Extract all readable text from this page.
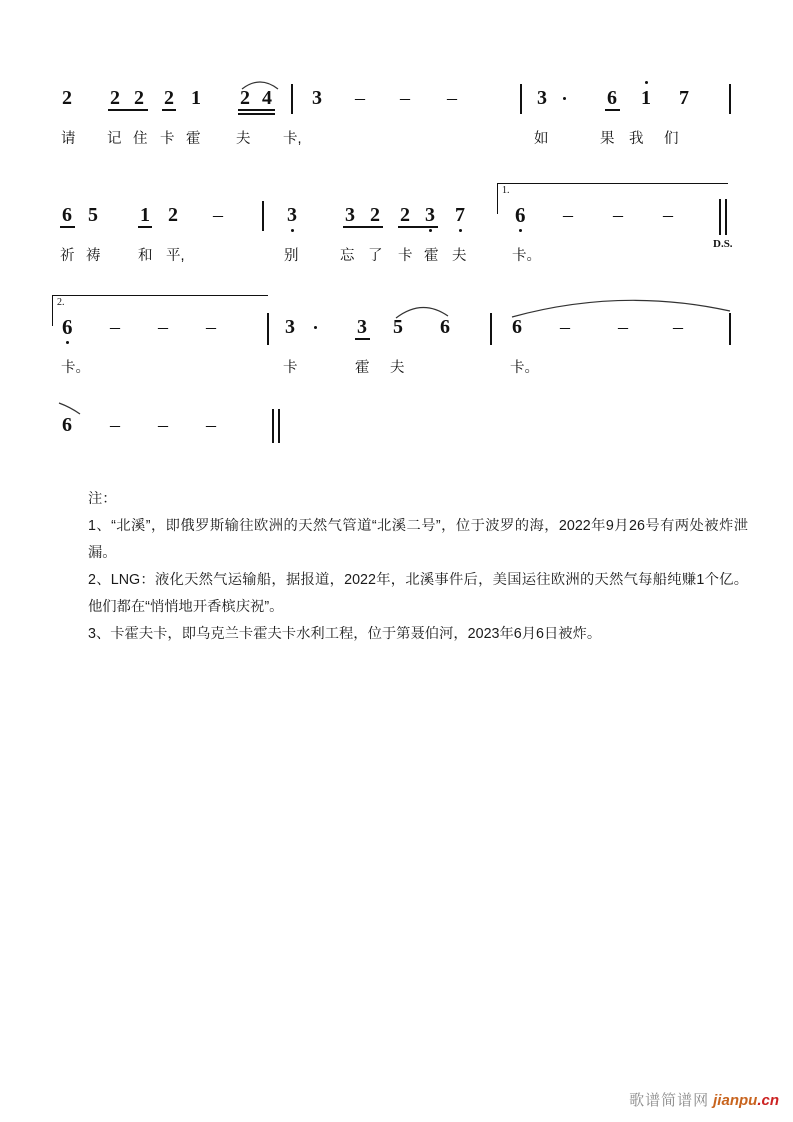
2 2 2 2 1 2 4 3 – – –	3	6 1 7
请 记 住 卡 霍 夫 卡,	如	果 我 们
6 5 1 2 –	3 3 2 2 3 7
1.
6 – – –
D.S.
祈 祷	和 平,	别	忘 了 卡 霍 夫	卡。
2.
6 – – –	3	3 5 6	6 – – –
卡。	卡	霍 夫	卡。
6 – – –

注：

1、“北溪”，即俄罗斯输往欧洲的天然气管道“北溪二号”，位于波罗的海，2022年9月26号有两处被炸泄漏。

2、LNG：液化天然气运输船，据报道，2022年，北溪事件后，美国运往欧洲的天然气每船纯赚1个亿。他们都在“悄悄地开香槟庆祝”。

3、卡霍夫卡，即乌克兰卡霍夫卡水利工程，位于第聂伯河，2023年6月6日被炸。

歌谱简谱网 jianpu.cn
